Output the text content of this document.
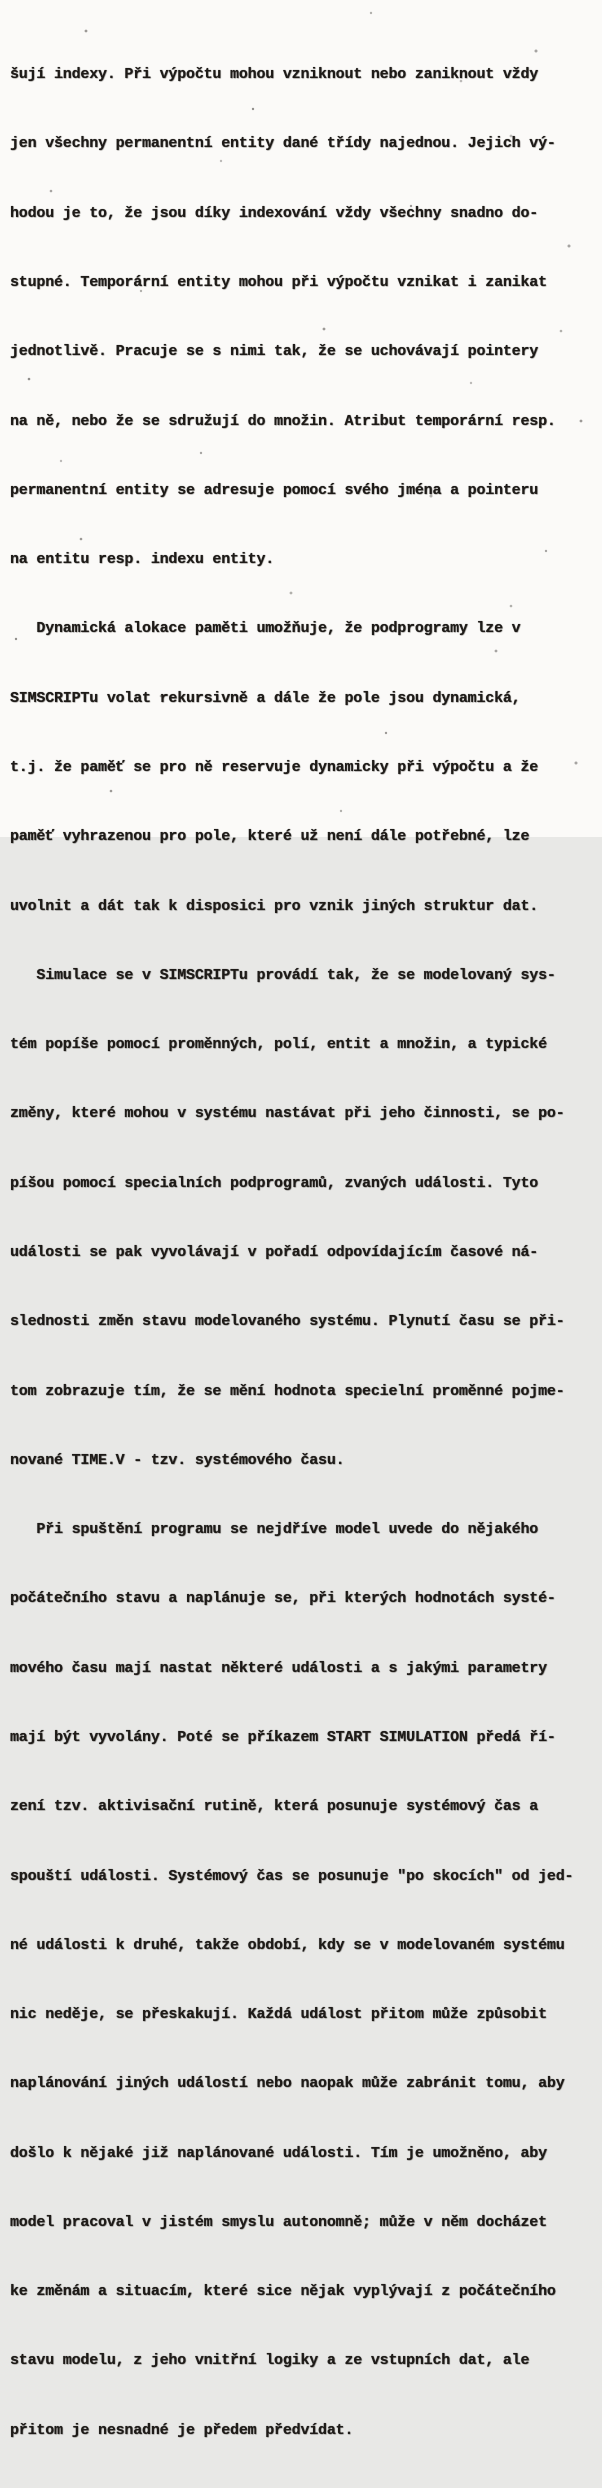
šují indexy. Při výpočtu mohou vzniknout nebo zaniknout vždy

jen všechny permanentní entity dané třídy najednou. Jejich vý-

hodou je to, že jsou díky indexování vždy všechny snadno do-

stupné. Temporární entity mohou při výpočtu vznikat i zanikat

jednotlivě. Pracuje se s nimi tak, že se uchovávají pointery

na ně, nebo že se sdružují do množin. Atribut temporární resp.

permanentní entity se adresuje pomocí svého jména a pointeru

na entitu resp. indexu entity.

Dynamická alokace paměti umožňuje, že podprogramy lze v

SIMSCRIPTu volat rekursivně a dále že pole jsou dynamická,

t.j. že paměť se pro ně reservuje dynamicky při výpočtu a že

paměť vyhrazenou pro pole, které už není dále potřebné, lze

uvolnit a dát tak k disposici pro vznik jiných struktur dat.

Simulace se v SIMSCRIPTu provádí tak, že se modelovaný sys-

tém popíše pomocí proměnných, polí, entit a množin, a typické

změny, které mohou v systému nastávat při jeho činnosti, se po-

píšou pomocí specialních podprogramů, zvaných události. Tyto

události se pak vyvolávají v pořadí odpovídajícím časové ná-

slednosti změn stavu modelovaného systému. Plynutí času se při-

tom zobrazuje tím, že se mění hodnota specielní proměnné pojme-

nované TIME.V - tzv. systémového času.

Při spuštění programu se nejdříve model uvede do nějakého

počátečního stavu a naplánuje se, při kterých hodnotách systé-

mového času mají nastat některé události a s jakými parametry

mají být vyvolány. Poté se příkazem START SIMULATION předá ří-

zení tzv. aktivisační rutině, která posunuje systémový čas a

spouští události. Systémový čas se posunuje "po skocích" od jed-

né události k druhé, takže období, kdy se v modelovaném systému

nic neděje, se přeskakují. Každá událost přitom může způsobit

naplánování jiných událostí nebo naopak může zabránit tomu, aby

došlo k nějaké již naplánované události. Tím je umožněno, aby

model pracoval v jistém smyslu autonomně; může v něm docházet

ke změnám a situacím, které sice nějak vyplývají z počátečního

stavu modelu, z jeho vnitřní logiky a ze vstupních dat, ale

přitom je nesnadné je předem předvídat.
